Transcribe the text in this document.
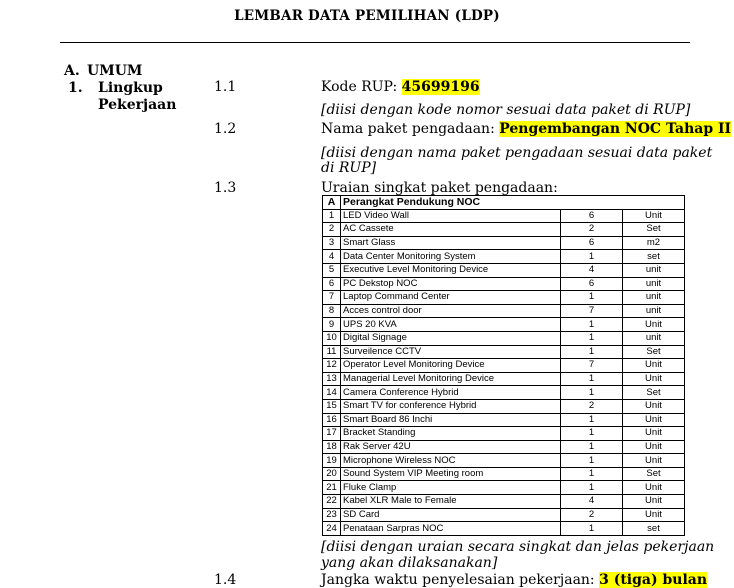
LEMBAR DATA PEMILIHAN (LDP)
A. UMUM
1. Lingkup
Pekerjaan
1.1	Kode RUP: 45699196
[diisi dengan kode nomor sesuai data paket di RUP]
1.2	Nama paket pengadaan: Pengembangan NOC Tahap II
[diisi dengan nama paket pengadaan sesuai data paket
di RUP]
1.3	Uraian singkat paket pengadaan:
A	Perangkat Pendukung NOC		
1	LED Video Wall	6	Unit
2	AC Cassete	2	Set
3	Smart Glass	6	m2
4	Data Center Monitoring System	1	set
5	Executive Level Monitoring Device	4	unit
6	PC Dekstop NOC	6	unit
7	Laptop Command Center	1	unit
8	Acces control door	7	unit
9	UPS 20 KVA	1	Unit
10	Digital Signage	1	unit
11	Surveilence CCTV	1	Set
12	Operator Level Monitoring Device	7	Unit
13	Managerial Level Monitoring Device	1	Unit
14	Camera Conference Hybrid	1	Set
15	Smart TV for conference Hybrid	2	Unit
16	Smart Board 86 Inchi	1	Unit
17	Bracket Standing	1	Unit
18	Rak Server 42U	1	Unit
19	Microphone Wireless NOC	1	Unit
20	Sound System VIP Meeting room	1	Set
21	Fluke Clamp	1	Unit
22	Kabel XLR Male to Female	4	Unit
23	SD Card	2	Unit
24	Penataan Sarpras NOC	1	set
[diisi dengan uraian secara singkat dan jelas pekerjaan
yang akan dilaksanakan]
1.4	Jangka waktu penyelesaian pekerjaan: 3 (tiga) bulan
